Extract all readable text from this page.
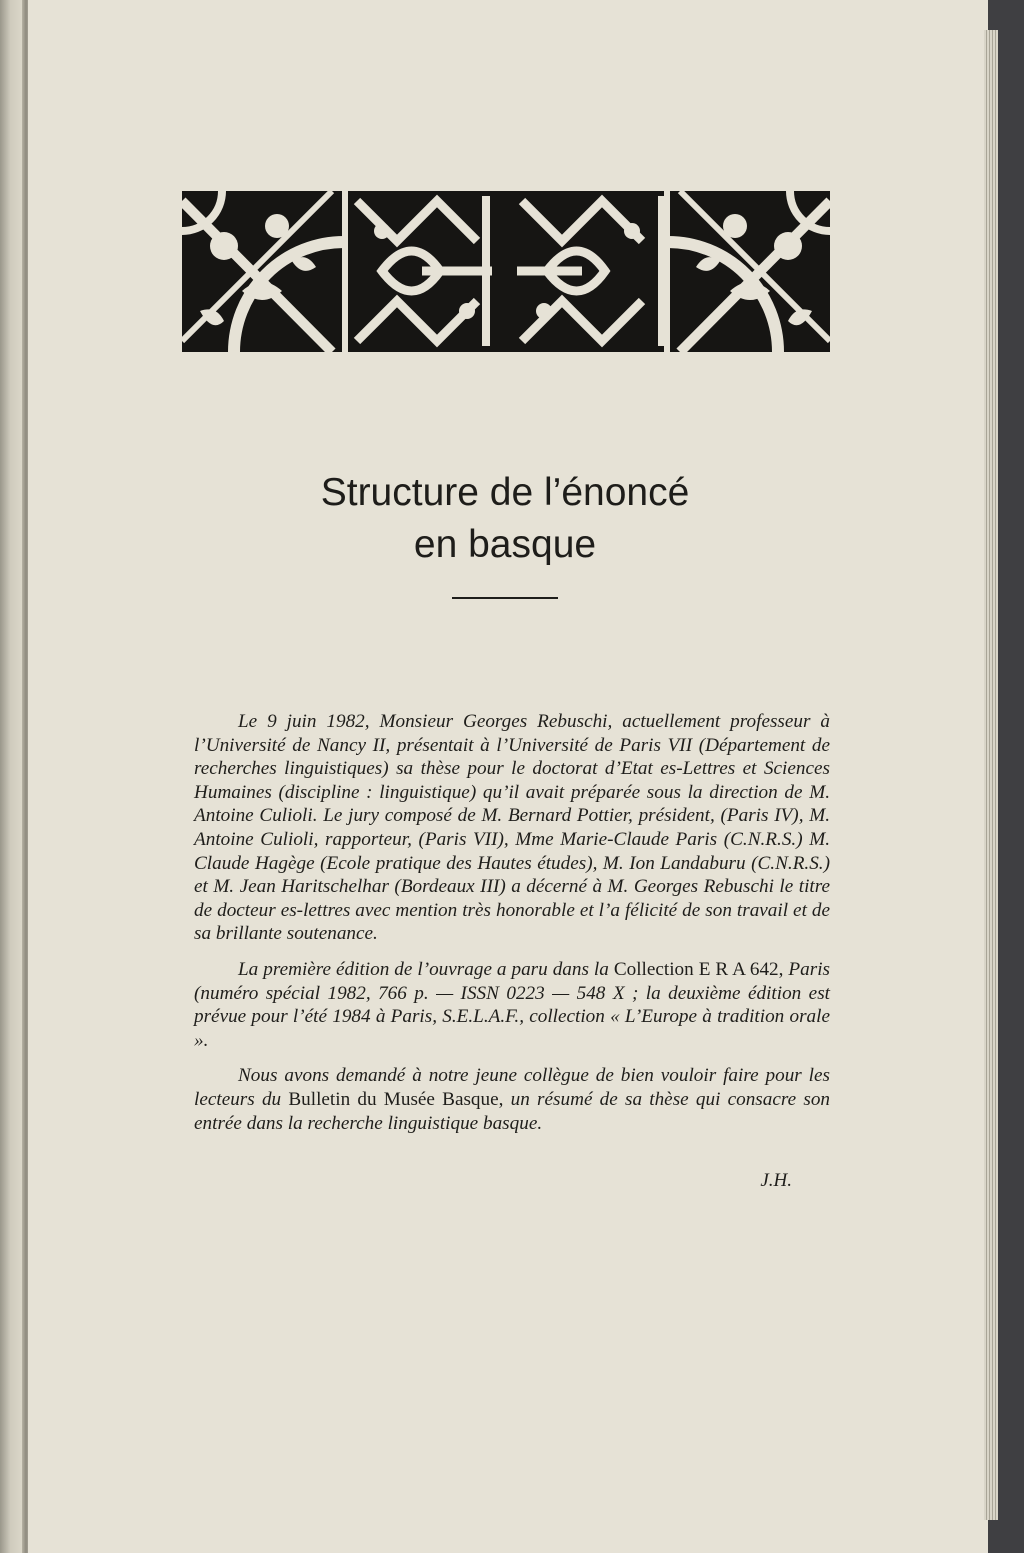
Structure de l’énoncé
en basque

Le 9 juin 1982, Monsieur Georges Rebuschi, actuellement professeur à l’Université de Nancy II, présentait à l’Université de Paris VII (Département de recherches linguistiques) sa thèse pour le doctorat d’Etat es-Lettres et Sciences Humaines (discipline : linguistique) qu’il avait préparée sous la direction de M. Antoine Culioli. Le jury composé de M. Bernard Pottier, président, (Paris IV), M. Antoine Culioli, rapporteur, (Paris VII), Mme Marie-Claude Paris (C.N.R.S.) M. Claude Hagège (Ecole pratique des Hautes études), M. Ion Landaburu (C.N.R.S.) et M. Jean Haritschelhar (Bordeaux III) a décerné à M. Georges Rebuschi le titre de docteur es-lettres avec mention très honorable et l’a félicité de son travail et de sa brillante soutenance.

La première édition de l’ouvrage a paru dans la Collection E R A 642, Paris (numéro spécial 1982, 766 p. — ISSN 0223 — 548 X ; la deuxième édition est prévue pour l’été 1984 à Paris, S.E.L.A.F., collection « L’Europe à tradition orale ».

Nous avons demandé à notre jeune collègue de bien vouloir faire pour les lecteurs du Bulletin du Musée Basque, un résumé de sa thèse qui consacre son entrée dans la recherche linguistique basque.

J.H.
